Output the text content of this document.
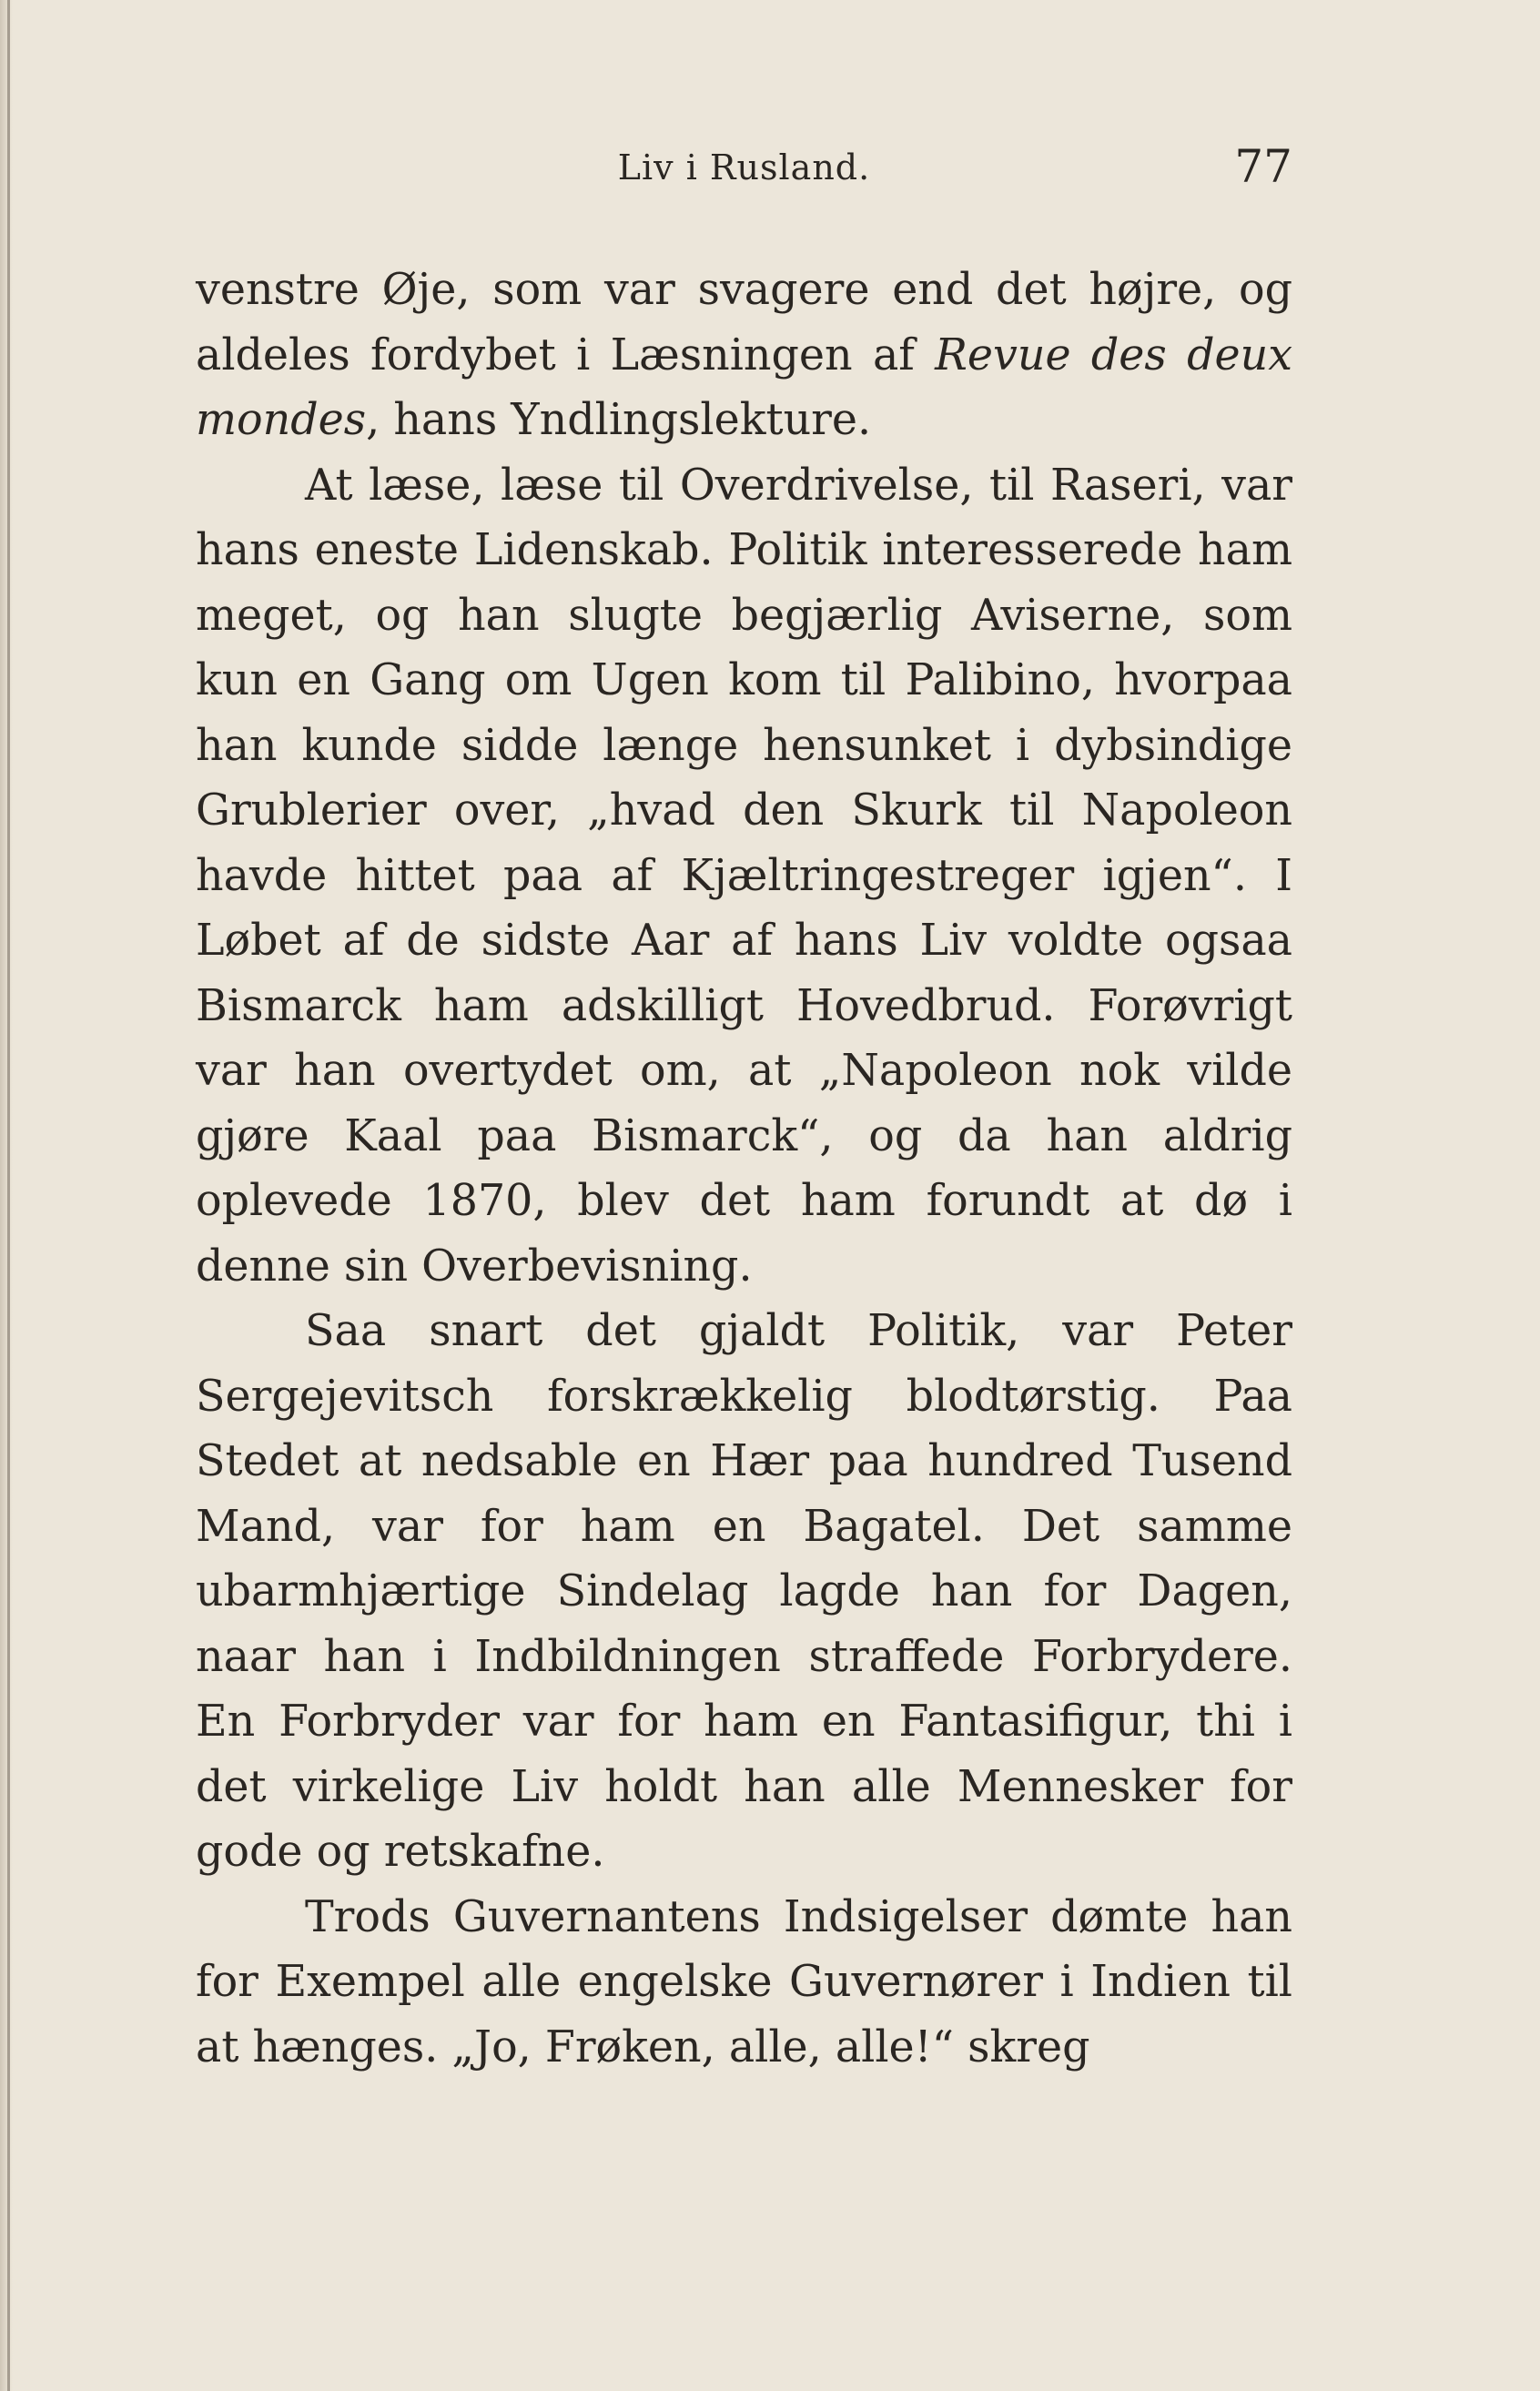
Liv i Rusland.	77

venstre Øje, som var svagere end det højre, og aldeles fordybet i Læsningen af Revue des deux mondes, hans Yndlingslekture.

At læse, læse til Overdrivelse, til Raseri, var hans eneste Lidenskab. Politik interesserede ham meget, og han slugte begjærlig Aviserne, som kun en Gang om Ugen kom til Palibino, hvorpaa han kunde sidde længe hensunket i dybsindige Grublerier over, „hvad den Skurk til Napoleon havde hittet paa af Kjæltringestreger igjen“. I Løbet af de sidste Aar af hans Liv voldte ogsaa Bismarck ham adskilligt Hovedbrud. Forøvrigt var han overtydet om, at „Napoleon nok vilde gjøre Kaal paa Bismarck“, og da han aldrig oplevede 1870, blev det ham forundt at dø i denne sin Overbevisning.

Saa snart det gjaldt Politik, var Peter Sergejevitsch forskrækkelig blodtørstig. Paa Stedet at nedsable en Hær paa hundred Tusend Mand, var for ham en Bagatel. Det samme ubarmhjærtige Sindelag lagde han for Dagen, naar han i Indbildningen straffede Forbrydere. En Forbryder var for ham en Fantasifigur, thi i det virkelige Liv holdt han alle Mennesker for gode og retskafne.

Trods Guvernantens Indsigelser dømte han for Exempel alle engelske Guvernører i Indien til at hænges. „Jo, Frøken, alle, alle!“ skreg
